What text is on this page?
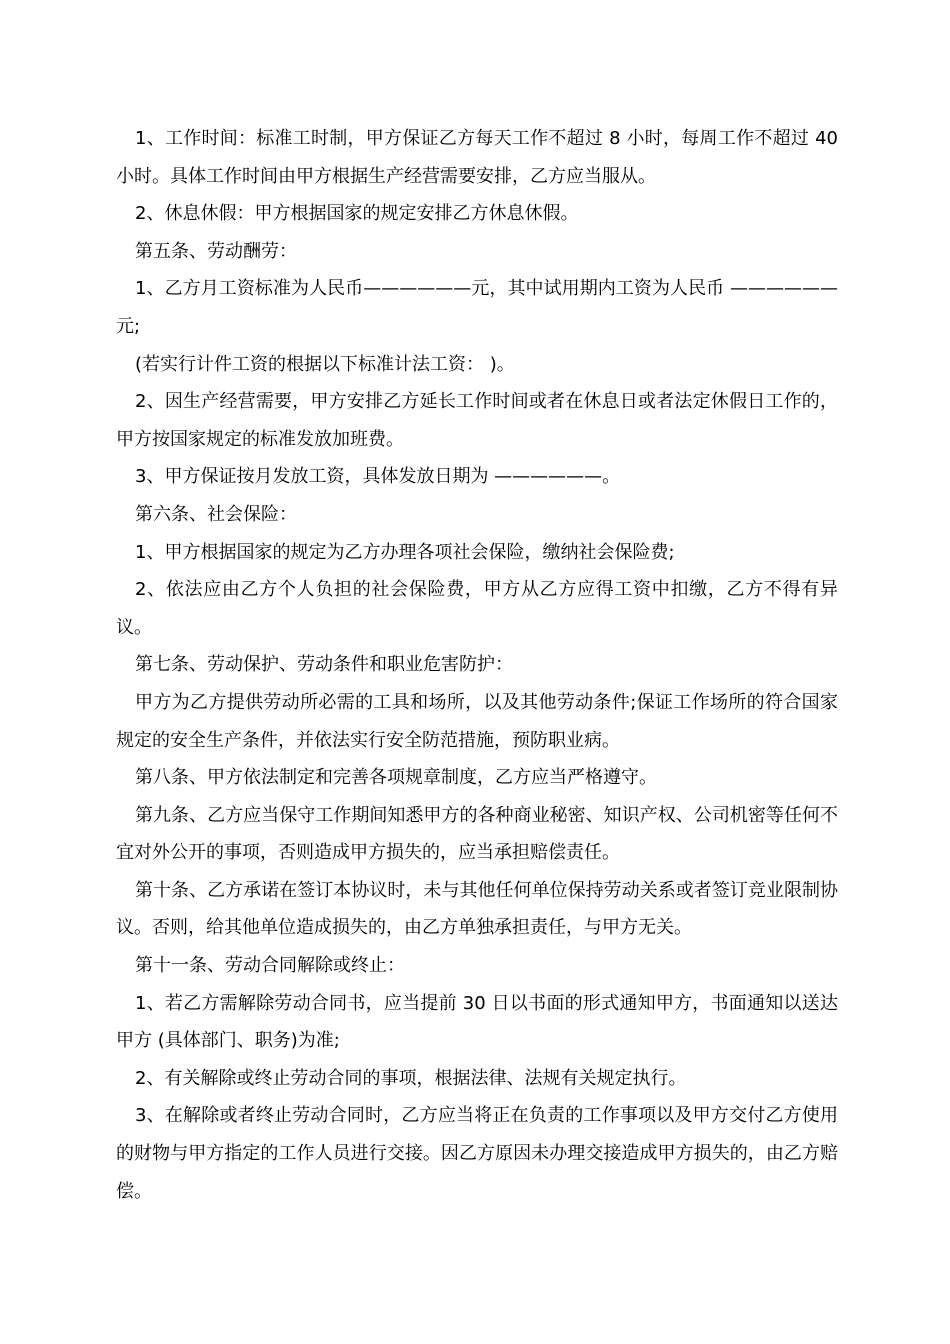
1、工作时间：标准工时制，甲方保证乙方每天工作不超过 8 小时，每周工作不超过 40 小时。具体工作时间由甲方根据生产经营需要安排，乙方应当服从。

2、休息休假：甲方根据国家的规定安排乙方休息休假。

第五条、劳动酬劳：

1、乙方月工资标准为人民币——————元，其中试用期内工资为人民币 ——————元;

(若实行计件工资的根据以下标准计法工资： )。

2、因生产经营需要，甲方安排乙方延长工作时间或者在休息日或者法定休假日工作的，甲方按国家规定的标准发放加班费。

3、甲方保证按月发放工资，具体发放日期为 ——————。

第六条、社会保险：

1、甲方根据国家的规定为乙方办理各项社会保险，缴纳社会保险费;

2、依法应由乙方个人负担的社会保险费，甲方从乙方应得工资中扣缴，乙方不得有异议。

第七条、劳动保护、劳动条件和职业危害防护：

甲方为乙方提供劳动所必需的工具和场所，以及其他劳动条件;保证工作场所的符合国家规定的安全生产条件，并依法实行安全防范措施，预防职业病。

第八条、甲方依法制定和完善各项规章制度，乙方应当严格遵守。

第九条、乙方应当保守工作期间知悉甲方的各种商业秘密、知识产权、公司机密等任何不宜对外公开的事项，否则造成甲方损失的，应当承担赔偿责任。

第十条、乙方承诺在签订本协议时，未与其他任何单位保持劳动关系或者签订竞业限制协议。否则，给其他单位造成损失的，由乙方单独承担责任，与甲方无关。

第十一条、劳动合同解除或终止：

1、若乙方需解除劳动合同书，应当提前 30 日以书面的形式通知甲方，书面通知以送达甲方 (具体部门、职务)为准;

2、有关解除或终止劳动合同的事项，根据法律、法规有关规定执行。

3、在解除或者终止劳动合同时，乙方应当将正在负责的工作事项以及甲方交付乙方使用的财物与甲方指定的工作人员进行交接。因乙方原因未办理交接造成甲方损失的，由乙方赔偿。
